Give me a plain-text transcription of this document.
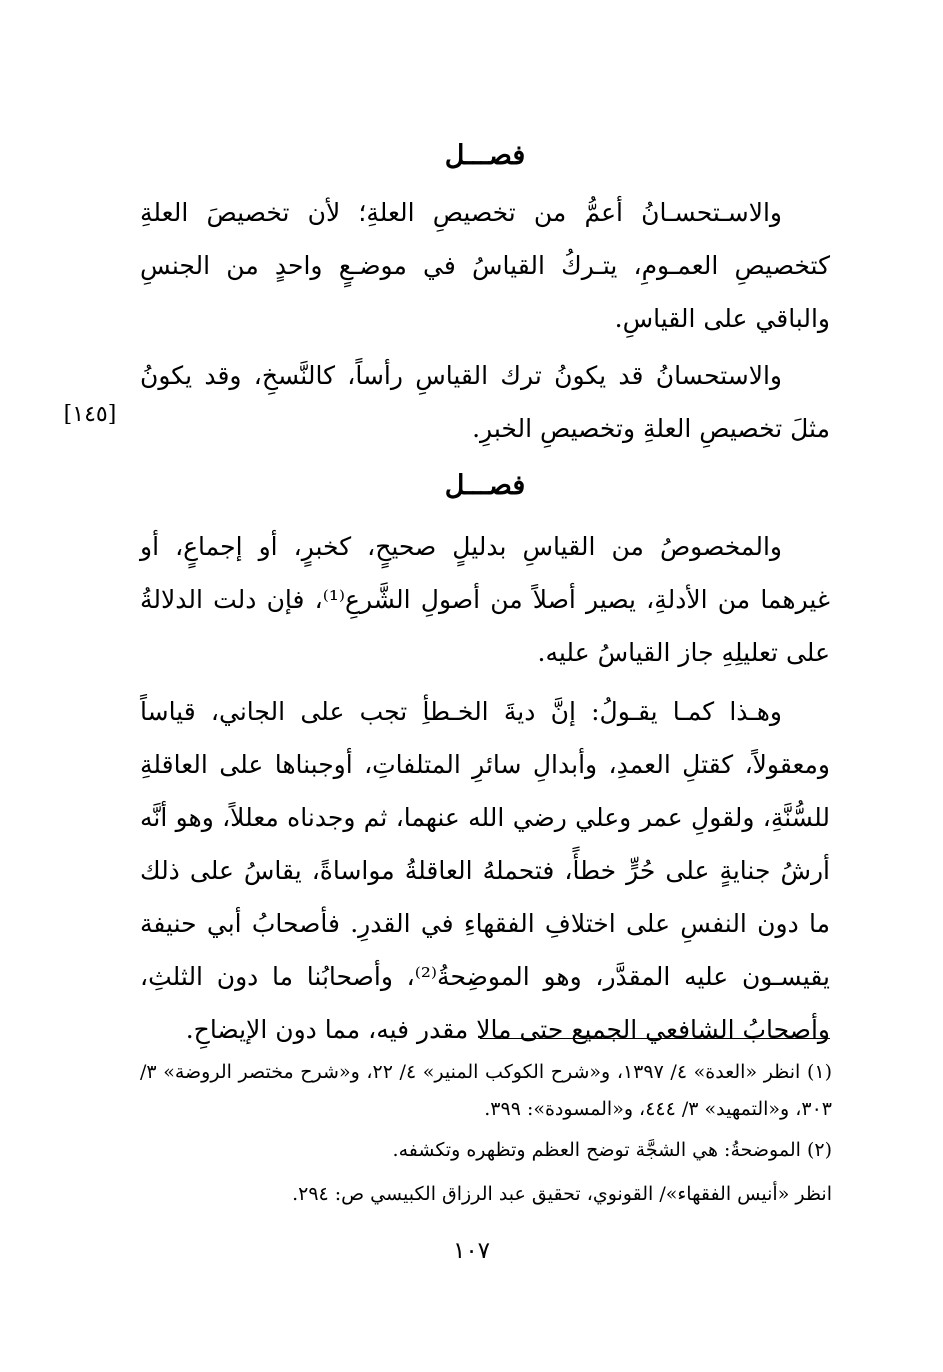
فصـــل

والاسـتحسـانُ أعمُّ من تخصيصِ العلةِ؛ لأن تخصيصَ العلةِ كتخصيصِ العمـومِ، يتـركُ القياسُ في موضـعٍ واحدٍ من الجنسِ والباقي على القياسِ.

والاستحسانُ قد يكونُ ترك القياسِ رأساً، كالنَّسخِ، وقد يكونُ مثلَ تخصيصِ العلةِ وتخصيصِ الخبرِ.

[١٤٥]
فصـــل

والمخصوصُ من القياسِ بدليلٍ صحيحٍ، كخبرٍ، أو إجماعٍ، أو غيرهما من الأدلةِ، يصير أصلاً من أصولِ الشَّرعِ⁽¹⁾، فإن دلت الدلالةُ على تعليلِهِ جاز القياسُ عليه.

وهـذا كمـا يقـولُ: إنَّ ديةَ الخـطأِ تجب على الجاني، قياساً ومعقولاً، كقتلِ العمدِ، وأبدالِ سائرِ المتلفاتِ، أوجبناها على العاقلةِ للسُّنَّةِ، ولقولِ عمر وعلي رضي الله عنهما، ثم وجدناه معللاً، وهو أنَّه أرشُ جنايةٍ على حُرٍّ خطأً، فتحملهُ العاقلةُ مواساةً، يقاسُ على ذلك ما دون النفسِ على اختلافِ الفقهاءِ في القدرِ. فأصحابُ أبي حنيفة يقيسـون عليه المقدَّر، وهو الموضِحةُ⁽²⁾، وأصحابُنا ما دون الثلثِ، وأصحابُ الشافعي الجميع حتى مالا مقدر فيه، مما دون الإيضاحِ.

(١) انظر «العدة» ٤/ ١٣٩٧، و«شرح الكوكب المنير» ٤/ ٢٢، و«شرح مختصر الروضة» ٣/ ٣٠٣، و«التمهيد» ٣/ ٤٤٤، و«المسودة»: ٣٩٩.

(٢) الموضحةُ: هي الشجَّة توضح العظم وتظهره وتكشفه.

انظر «أنيس الفقهاء»/ القونوي، تحقيق عبد الرزاق الكبيسي ص: ٢٩٤.

١٠٧
